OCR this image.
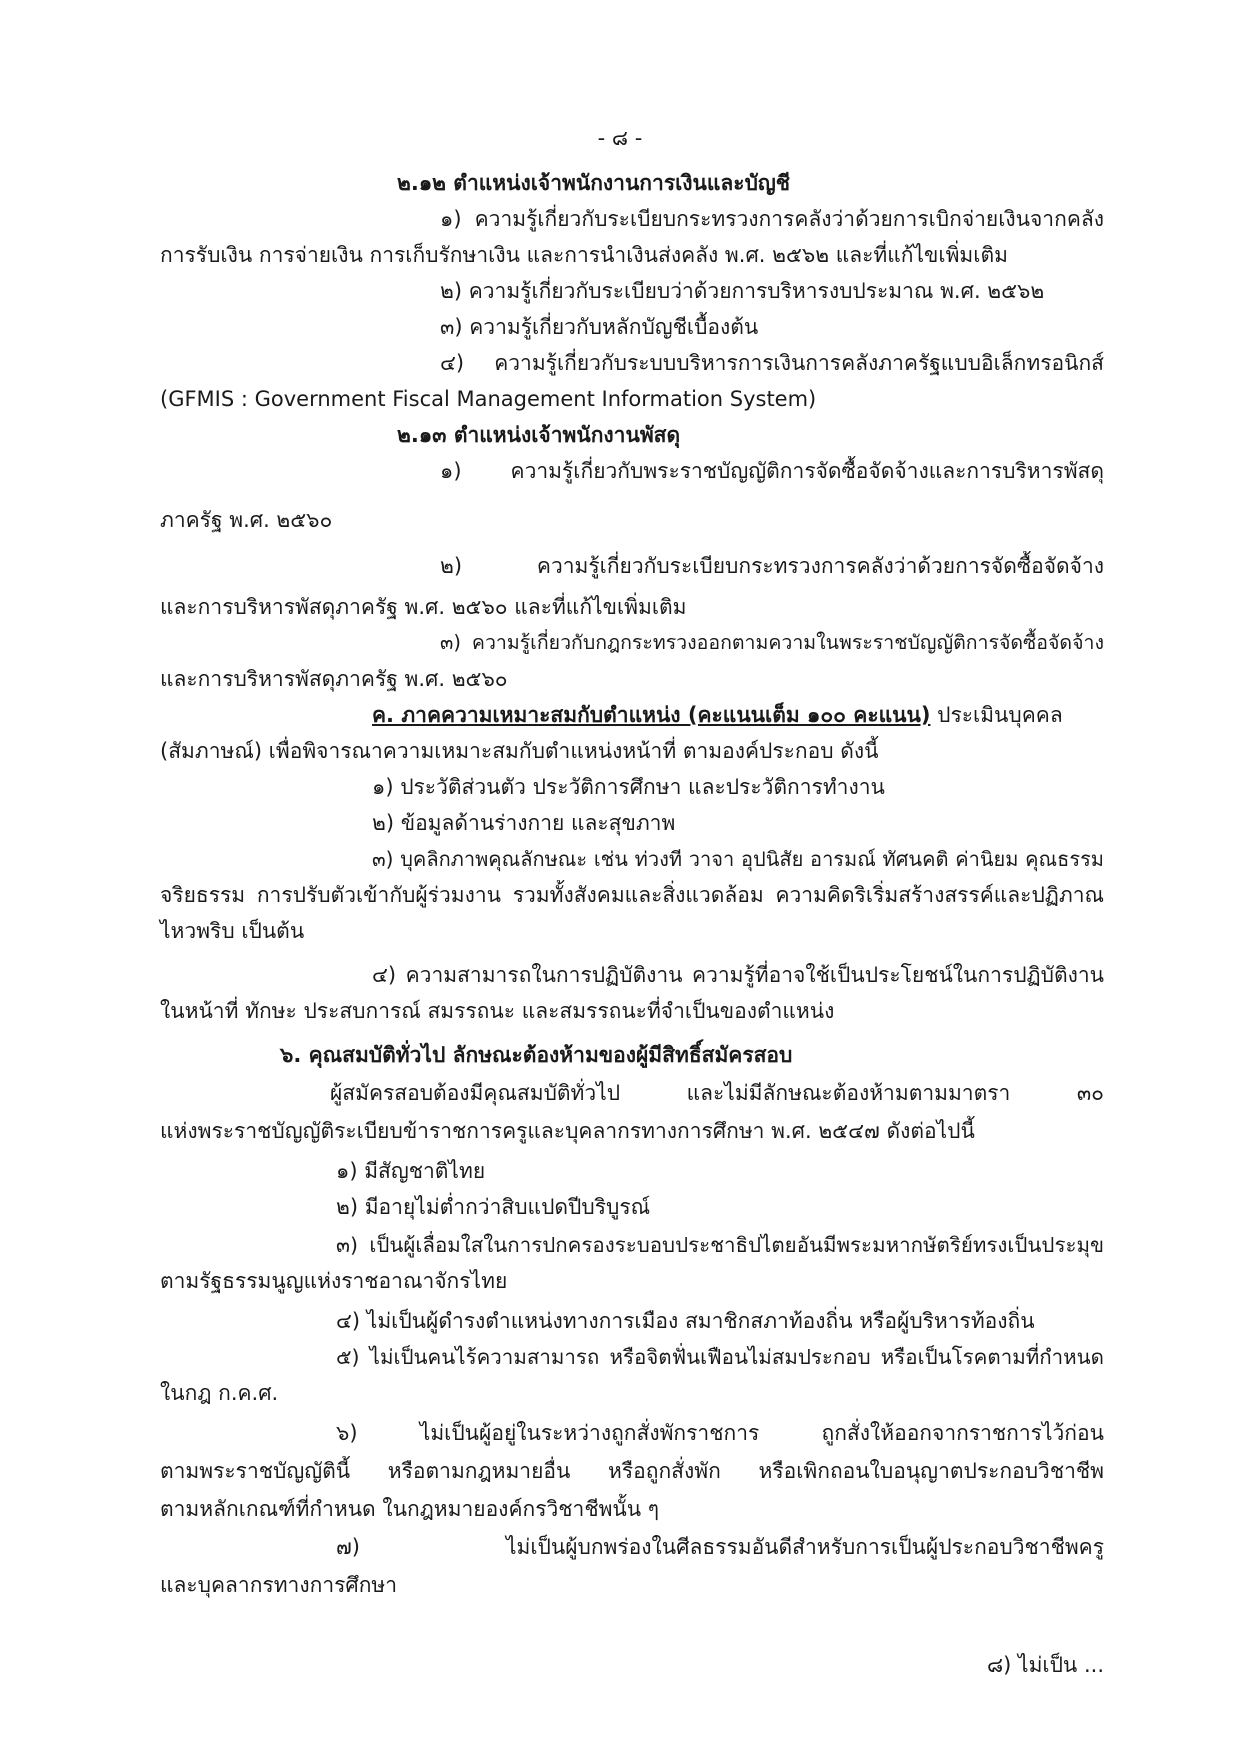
- ๘ -
๒.๑๒ ตำแหน่งเจ้าพนักงานการเงินและบัญชี
๑) ความรู้เกี่ยวกับระเบียบกระทรวงการคลังว่าด้วยการเบิกจ่ายเงินจากคลัง
การรับเงิน การจ่ายเงิน การเก็บรักษาเงิน และการนำเงินส่งคลัง พ.ศ. ๒๕๖๒ และที่แก้ไขเพิ่มเติม
๒) ความรู้เกี่ยวกับระเบียบว่าด้วยการบริหารงบประมาณ พ.ศ. ๒๕๖๒
๓) ความรู้เกี่ยวกับหลักบัญชีเบื้องต้น
๔) ความรู้เกี่ยวกับระบบบริหารการเงินการคลังภาครัฐแบบอิเล็กทรอนิกส์
(GFMIS : Government Fiscal Management Information System)
๒.๑๓ ตำแหน่งเจ้าพนักงานพัสดุ
๑) ความรู้เกี่ยวกับพระราชบัญญัติการจัดซื้อจัดจ้างและการบริหารพัสดุ
ภาครัฐ พ.ศ. ๒๕๖๐
๒) ความรู้เกี่ยวกับระเบียบกระทรวงการคลังว่าด้วยการจัดซื้อจัดจ้าง
และการบริหารพัสดุภาครัฐ พ.ศ. ๒๕๖๐ และที่แก้ไขเพิ่มเติม
๓) ความรู้เกี่ยวกับกฎกระทรวงออกตามความในพระราชบัญญัติการจัดซื้อจัดจ้าง
และการบริหารพัสดุภาครัฐ พ.ศ. ๒๕๖๐
ค. ภาคความเหมาะสมกับตำแหน่ง (คะแนนเต็ม ๑๐๐ คะแนน) ประเมินบุคคล
(สัมภาษณ์) เพื่อพิจารณาความเหมาะสมกับตำแหน่งหน้าที่ ตามองค์ประกอบ ดังนี้
๑) ประวัติส่วนตัว ประวัติการศึกษา และประวัติการทำงาน
๒) ข้อมูลด้านร่างกาย และสุขภาพ
๓) บุคลิกภาพคุณลักษณะ เช่น ท่วงที วาจา อุปนิสัย อารมณ์ ทัศนคติ ค่านิยม คุณธรรม
จริยธรรม การปรับตัวเข้ากับผู้ร่วมงาน รวมทั้งสังคมและสิ่งแวดล้อม ความคิดริเริ่มสร้างสรรค์และปฏิภาณ
ไหวพริบ เป็นต้น
๔) ความสามารถในการปฏิบัติงาน ความรู้ที่อาจใช้เป็นประโยชน์ในการปฏิบัติงาน
ในหน้าที่ ทักษะ ประสบการณ์ สมรรถนะ และสมรรถนะที่จำเป็นของตำแหน่ง
๖. คุณสมบัติทั่วไป ลักษณะต้องห้ามของผู้มีสิทธิ์สมัครสอบ
ผู้สมัครสอบต้องมีคุณสมบัติทั่วไป และไม่มีลักษณะต้องห้ามตามมาตรา ๓๐
แห่งพระราชบัญญัติระเบียบข้าราชการครูและบุคลากรทางการศึกษา พ.ศ. ๒๕๔๗ ดังต่อไปนี้
๑) มีสัญชาติไทย
๒) มีอายุไม่ต่ำกว่าสิบแปดปีบริบูรณ์
๓) เป็นผู้เลื่อมใสในการปกครองระบอบประชาธิปไตยอันมีพระมหากษัตริย์ทรงเป็นประมุข
ตามรัฐธรรมนูญแห่งราชอาณาจักรไทย
๔) ไม่เป็นผู้ดำรงตำแหน่งทางการเมือง สมาชิกสภาท้องถิ่น หรือผู้บริหารท้องถิ่น
๕) ไม่เป็นคนไร้ความสามารถ หรือจิตฟั่นเฟือนไม่สมประกอบ หรือเป็นโรคตามที่กำหนด
ในกฎ ก.ค.ศ.
๖) ไม่เป็นผู้อยู่ในระหว่างถูกสั่งพักราชการ ถูกสั่งให้ออกจากราชการไว้ก่อน
ตามพระราชบัญญัตินี้ หรือตามกฎหมายอื่น หรือถูกสั่งพัก หรือเพิกถอนใบอนุญาตประกอบวิชาชีพ
ตามหลักเกณฑ์ที่กำหนด ในกฎหมายองค์กรวิชาชีพนั้น ๆ
๗) ไม่เป็นผู้บกพร่องในศีลธรรมอันดีสำหรับการเป็นผู้ประกอบวิชาชีพครู
และบุคลากรทางการศึกษา
๘) ไม่เป็น ...
